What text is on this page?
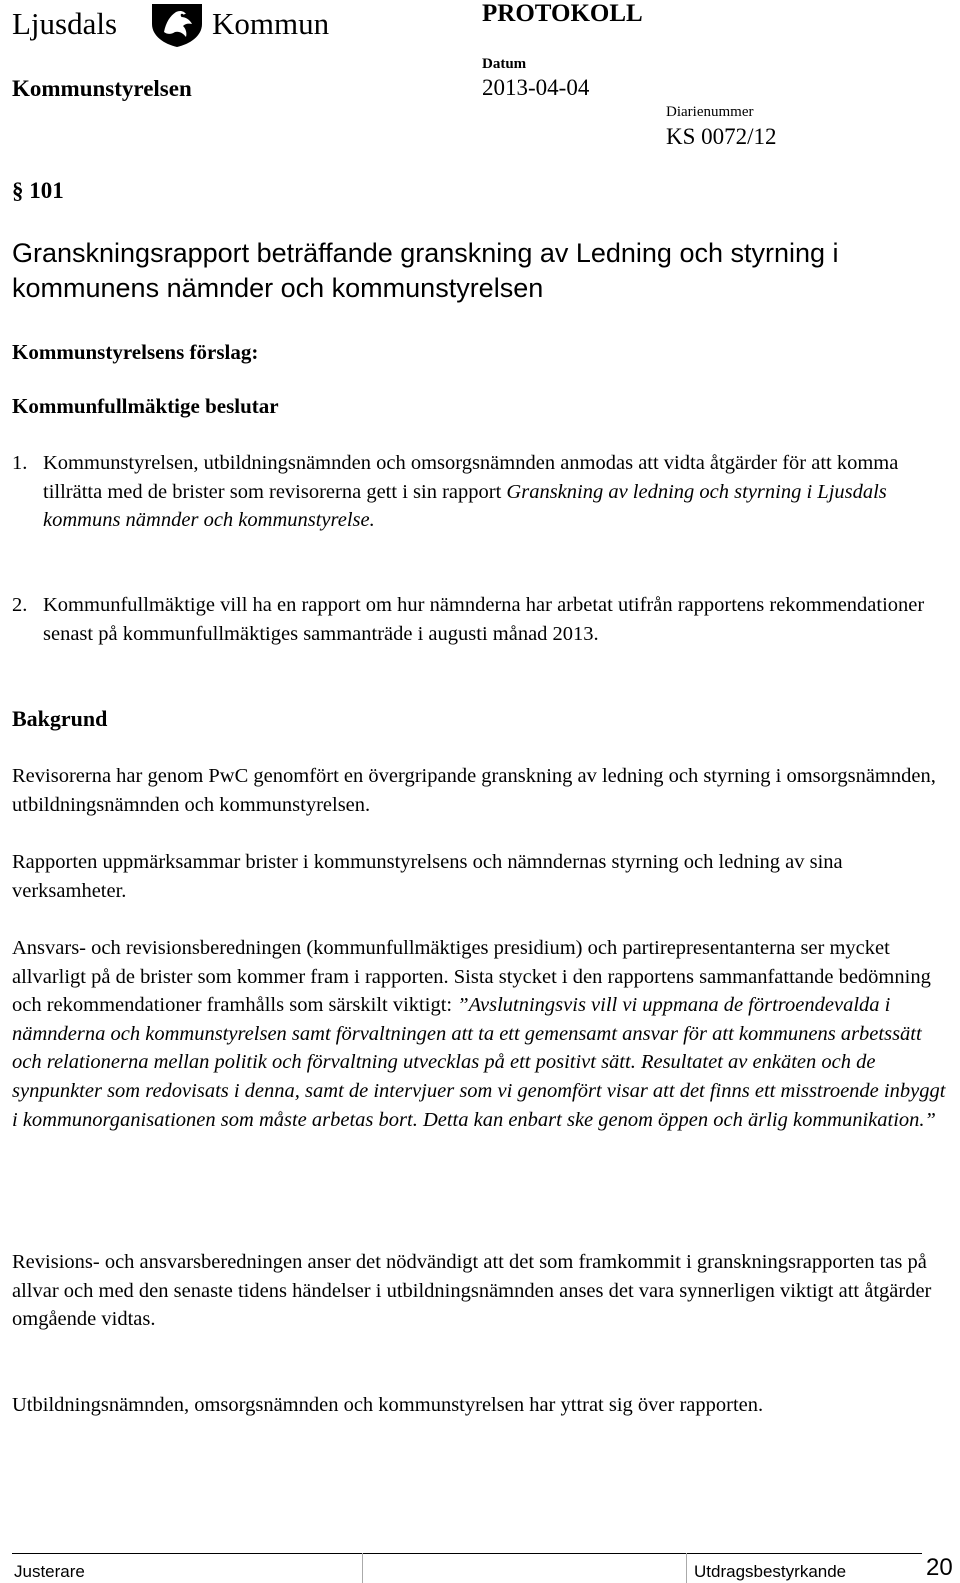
Ljusdals	Kommun	PROTOKOLL
Kommunstyrelsen
Datum
2013-04-04
Diarienummer
KS 0072/12
§ 101
Granskningsrapport beträffande granskning av Ledning och styrning i kommunens nämnder och kommunstyrelsen
Kommunstyrelsens förslag:
Kommunfullmäktige beslutar
1. Kommunstyrelsen, utbildningsnämnden och omsorgsnämnden anmodas att vidta åtgärder för att komma tillrätta med de brister som revisorerna gett i sin rapport Granskning av ledning och styrning i Ljusdals kommuns nämnder och kommunstyrelse.
2. Kommunfullmäktige vill ha en rapport om hur nämnderna har arbetat utifrån rapportens rekommendationer senast på kommunfullmäktiges sammanträde i augusti månad 2013.
Bakgrund
Revisorerna har genom PwC genomfört en övergripande granskning av ledning och styrning i omsorgsnämnden, utbildningsnämnden och kommunstyrelsen.
Rapporten uppmärksammar brister i kommunstyrelsens och nämndernas styrning och ledning av sina verksamheter.
Ansvars- och revisionsberedningen (kommunfullmäktiges presidium) och partirepresentanterna ser mycket allvarligt på de brister som kommer fram i rapporten. Sista stycket i den rapportens sammanfattande bedömning och rekommendationer framhålls som särskilt viktigt: ”Avslutningsvis vill vi uppmana de förtroendevalda i nämnderna och kommunstyrelsen samt förvaltningen att ta ett gemensamt ansvar för att kommunens arbetssätt och relationerna mellan politik och förvaltning utvecklas på ett positivt sätt. Resultatet av enkäten och de synpunkter som redovisats i denna, samt de intervjuer som vi genomfört visar att det finns ett misstroende inbyggt i kommunorganisationen som måste arbetas bort. Detta kan enbart ske genom öppen och ärlig kommunikation.”
Revisions- och ansvarsberedningen anser det nödvändigt att det som framkommit i granskningsrapporten tas på allvar och med den senaste tidens händelser i utbildningsnämnden anses det vara synnerligen viktigt att åtgärder omgående vidtas.
Utbildningsnämnden, omsorgsnämnden och kommunstyrelsen har yttrat sig över rapporten.
Justerare	Utdragsbestyrkande	20
